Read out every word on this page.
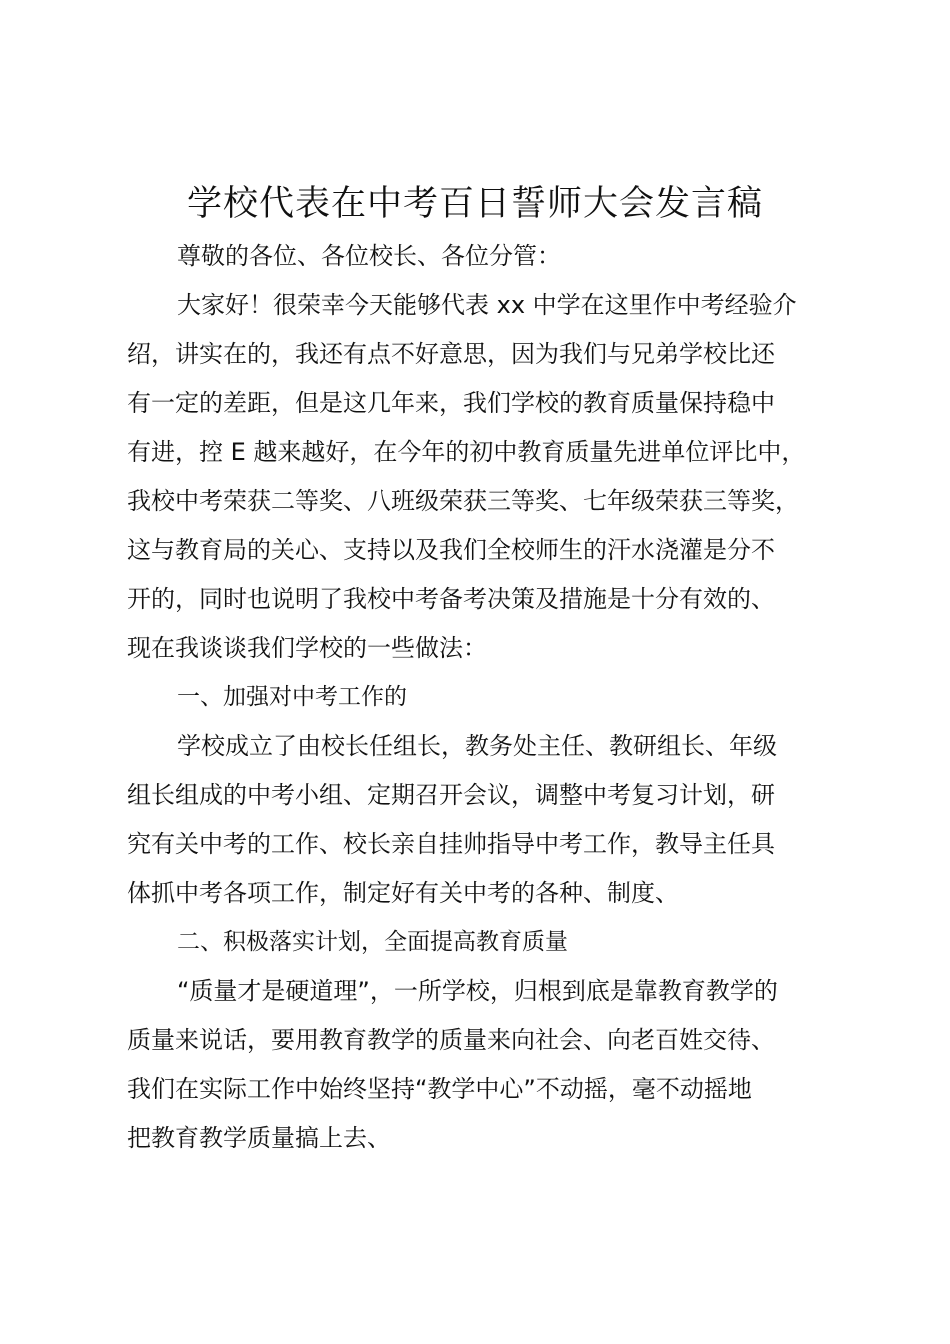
学校代表在中考百日誓师大会发言稿

尊敬的各位、各位校长、各位分管：

大家好！很荣幸今天能够代表 xx 中学在这里作中考经验介
绍，讲实在的，我还有点不好意思，因为我们与兄弟学校比还
有一定的差距，但是这几年来，我们学校的教育质量保持稳中
有进，控 E 越来越好，在今年的初中教育质量先进单位评比中，
我校中考荣获二等奖、八班级荣获三等奖、七年级荣获三等奖，
这与教育局的关心、支持以及我们全校师生的汗水浇灌是分不
开的，同时也说明了我校中考备考决策及措施是十分有效的、
现在我谈谈我们学校的一些做法：

一、加强对中考工作的

学校成立了由校长任组长，教务处主任、教研组长、年级
组长组成的中考小组、定期召开会议，调整中考复习计划，研
究有关中考的工作、校长亲自挂帅指导中考工作，教导主任具
体抓中考各项工作，制定好有关中考的各种、制度、

二、积极落实计划，全面提高教育质量

“质量才是硬道理”，一所学校，归根到底是靠教育教学的
质量来说话，要用教育教学的质量来向社会、向老百姓交待、
我们在实际工作中始终坚持“教学中心”不动摇，毫不动摇地
把教育教学质量搞上去、
